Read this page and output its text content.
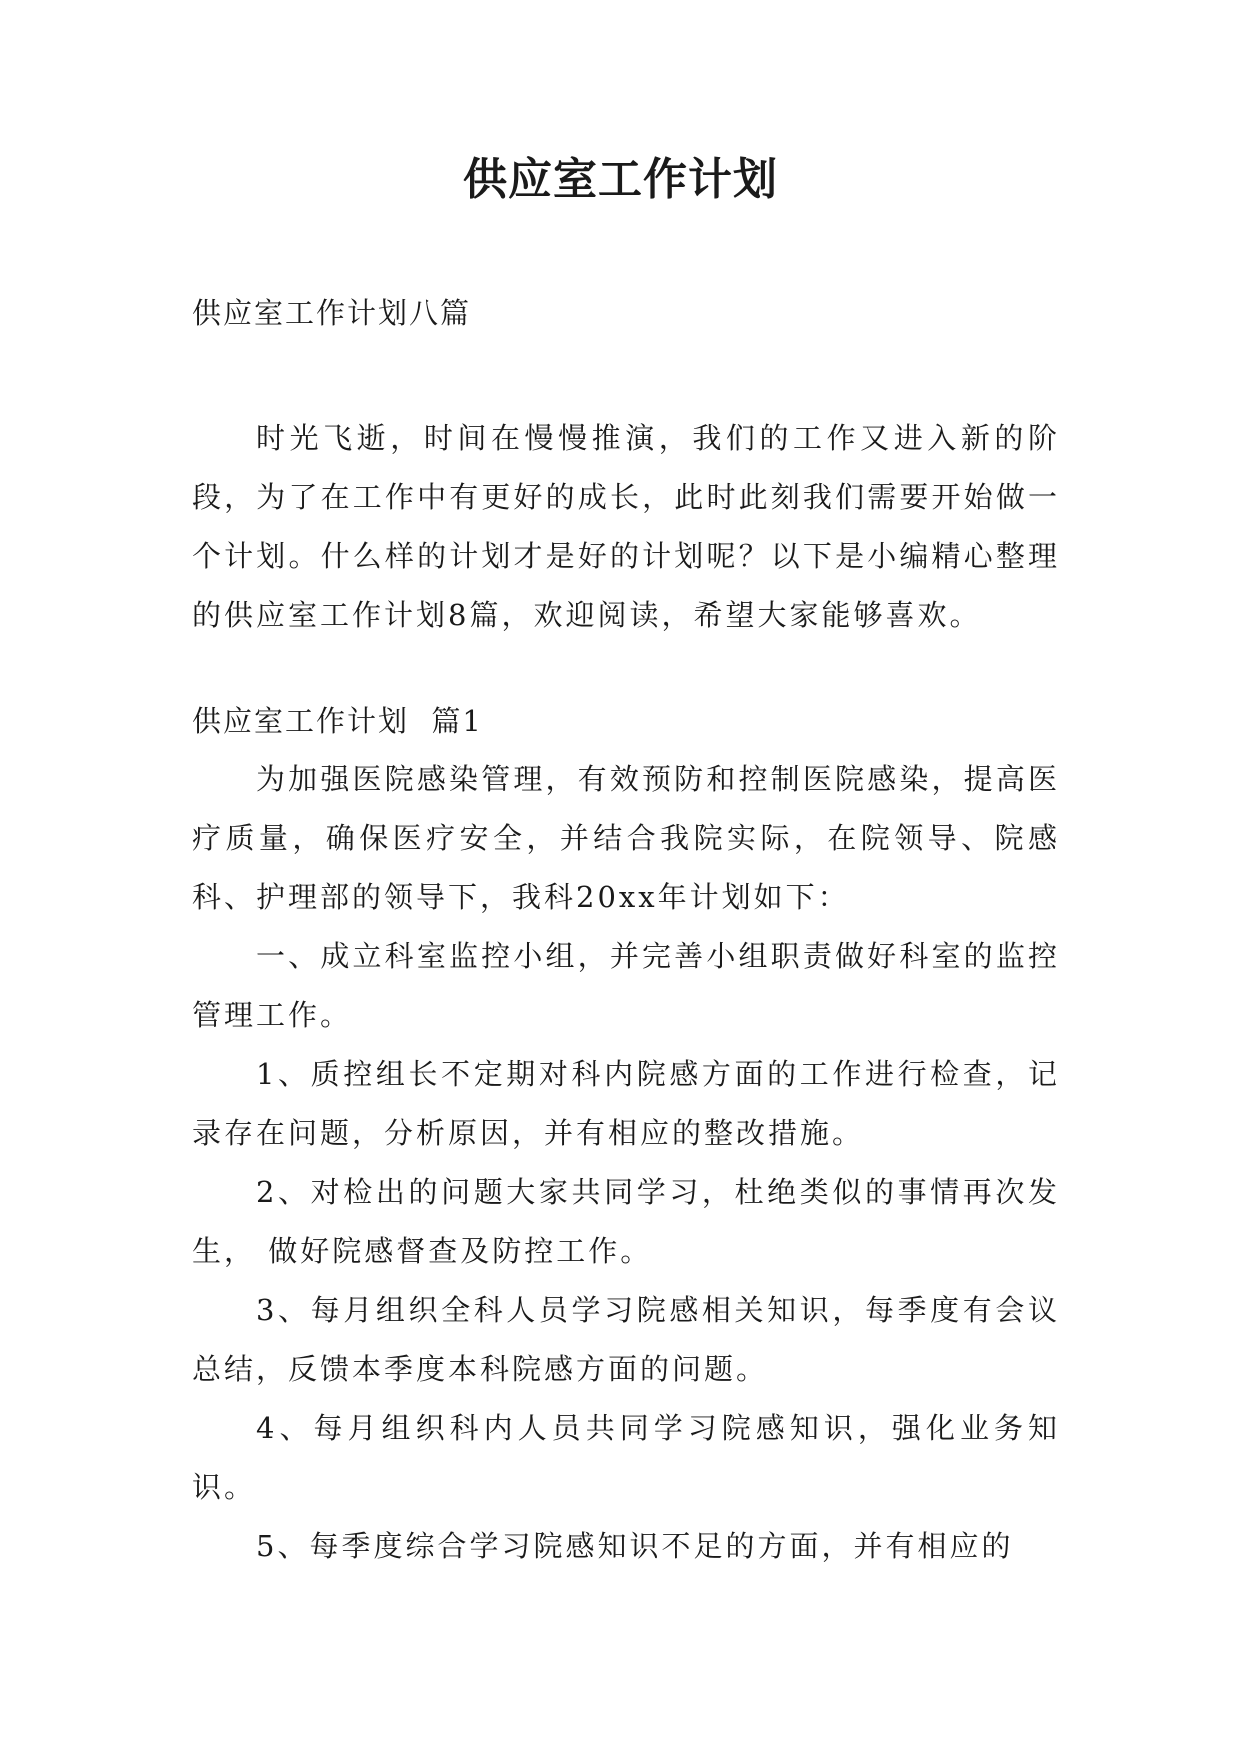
供应室工作计划

供应室工作计划八篇

时光飞逝，时间在慢慢推演，我们的工作又进入新的阶段，为了在工作中有更好的成长，此时此刻我们需要开始做一个计划。什么样的计划才是好的计划呢？以下是小编精心整理的供应室工作计划8篇，欢迎阅读，希望大家能够喜欢。

供应室工作计划  篇1

为加强医院感染管理，有效预防和控制医院感染，提高医疗质量，确保医疗安全，并结合我院实际，在院领导、院感科、护理部的领导下，我科20xx年计划如下：

一、成立科室监控小组，并完善小组职责做好科室的监控管理工作。

1、质控组长不定期对科内院感方面的工作进行检查，记录存在问题，分析原因，并有相应的整改措施。

2、对检出的问题大家共同学习，杜绝类似的事情再次发生， 做好院感督查及防控工作。

3、每月组织全科人员学习院感相关知识，每季度有会议总结，反馈本季度本科院感方面的问题。

4、每月组织科内人员共同学习院感知识，强化业务知识。

5、每季度综合学习院感知识不足的方面，并有相应的
